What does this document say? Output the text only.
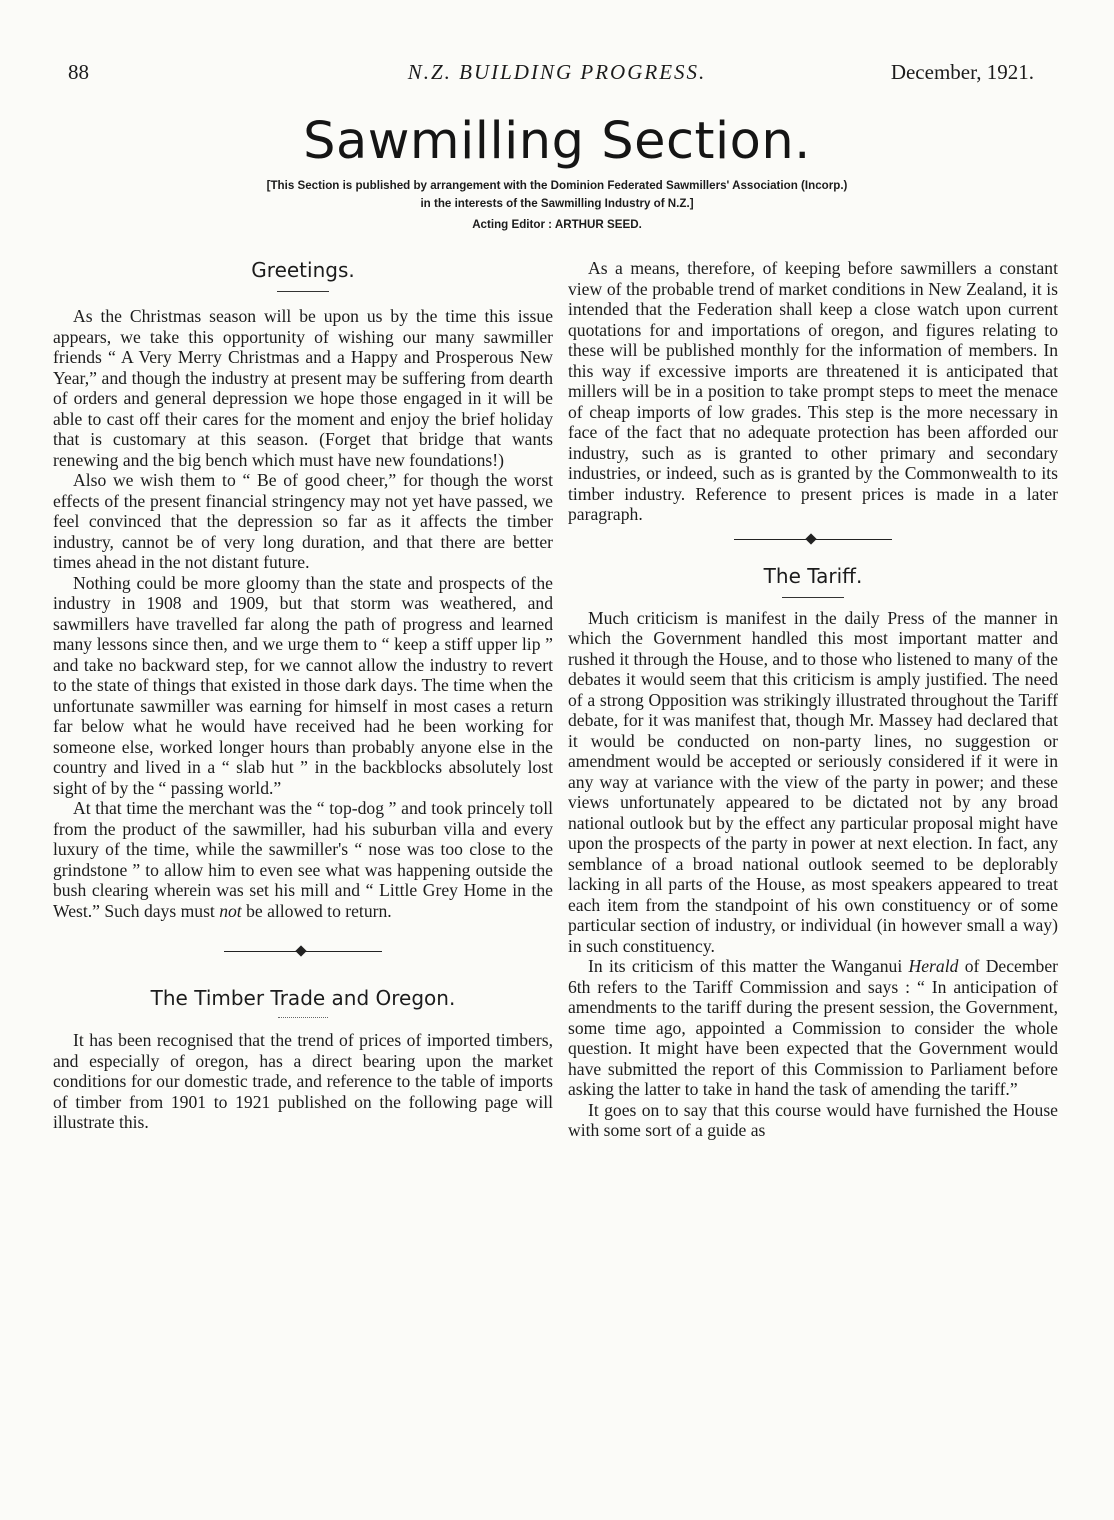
N.Z. BUILDING PROGRESS.
88	December, 1921.
Sawmilling Section.
[This Section is published by arrangement with the Dominion Federated Sawmillers' Association (Incorp.)
in the interests of the Sawmilling Industry of N.Z.]
Acting Editor : ARTHUR SEED.
Greetings.

As the Christmas season will be upon us by the time this issue appears, we take this opportunity of wishing our many sawmiller friends “ A Very Merry Christmas and a Happy and Prosperous New Year,” and though the industry at present may be suffering from dearth of orders and general depression we hope those engaged in it will be able to cast off their cares for the moment and enjoy the brief holiday that is customary at this season. (Forget that bridge that wants renewing and the big bench which must have new foundations!)

Also we wish them to “ Be of good cheer,” for though the worst effects of the present financial stringency may not yet have passed, we feel convinced that the depression so far as it affects the timber industry, cannot be of very long duration, and that there are better times ahead in the not distant future.

Nothing could be more gloomy than the state and prospects of the industry in 1908 and 1909, but that storm was weathered, and sawmillers have travelled far along the path of progress and learned many lessons since then, and we urge them to “ keep a stiff upper lip ” and take no backward step, for we cannot allow the industry to revert to the state of things that existed in those dark days. The time when the unfortunate sawmiller was earning for himself in most cases a return far below what he would have received had he been working for someone else, worked longer hours than probably anyone else in the country and lived in a “ slab hut ” in the backblocks absolutely lost sight of by the “ passing world.”

At that time the merchant was the “ top-dog ” and took princely toll from the product of the sawmiller, had his suburban villa and every luxury of the time, while the sawmiller's “ nose was too close to the grindstone ” to allow him to even see what was happening outside the bush clearing wherein was set his mill and “ Little Grey Home in the West.” Such days must not be allowed to return.

The Timber Trade and Oregon.

It has been recognised that the trend of prices of imported timbers, and especially of oregon, has a direct bearing upon the market conditions for our domestic trade, and reference to the table of imports of timber from 1901 to 1921 published on the following page will illustrate this.

As a means, therefore, of keeping before sawmillers a constant view of the probable trend of market conditions in New Zealand, it is intended that the Federation shall keep a close watch upon current quotations for and importations of oregon, and figures relating to these will be published monthly for the information of members. In this way if excessive imports are threatened it is anticipated that millers will be in a position to take prompt steps to meet the menace of cheap imports of low grades. This step is the more necessary in face of the fact that no adequate protection has been afforded our industry, such as is granted to other primary and secondary industries, or indeed, such as is granted by the Commonwealth to its timber industry. Reference to present prices is made in a later paragraph.

The Tariff.

Much criticism is manifest in the daily Press of the manner in which the Government handled this most important matter and rushed it through the House, and to those who listened to many of the debates it would seem that this criticism is amply justified. The need of a strong Opposition was strikingly illustrated throughout the Tariff debate, for it was manifest that, though Mr. Massey had declared that it would be conducted on non-party lines, no suggestion or amendment would be accepted or seriously considered if it were in any way at variance with the view of the party in power; and these views unfortunately appeared to be dictated not by any broad national outlook but by the effect any particular proposal might have upon the prospects of the party in power at next election. In fact, any semblance of a broad national outlook seemed to be deplorably lacking in all parts of the House, as most speakers appeared to treat each item from the standpoint of his own constituency or of some particular section of industry, or individual (in however small a way) in such constituency.

In its criticism of this matter the Wanganui Herald of December 6th refers to the Tariff Commission and says : “ In anticipation of amendments to the tariff during the present session, the Government, some time ago, appointed a Commission to consider the whole question. It might have been expected that the Government would have submitted the report of this Commission to Parliament before asking the latter to take in hand the task of amending the tariff.”

It goes on to say that this course would have furnished the House with some sort of a guide as
